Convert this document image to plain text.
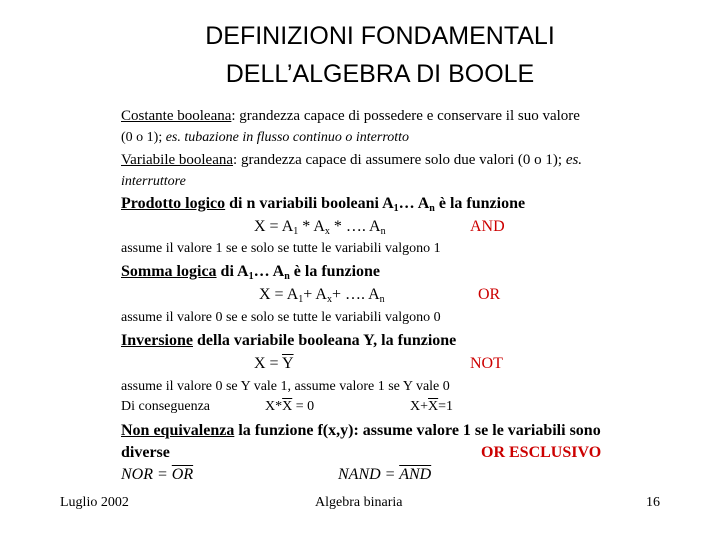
DEFINIZIONI FONDAMENTALI
DELL’ALGEBRA DI BOOLE
Costante booleana: grandezza capace di possedere e conservare il suo valore
(0 o 1); es. tubazione in flusso continuo o interrotto
Variabile booleana: grandezza capace di assumere solo due valori (0 o 1); es.
interruttore
Prodotto logico di n variabili booleani $A_1\dots$ $A_n$ è la funzione
$X = A_1 * A_x$ * …. $A_n$	AND
assume il valore 1 se e solo se tutte le variabili valgono 1
Somma logica di $A_1\dots$ $A_n$ è la funzione
$X = A_1+ A_x+$ …. $A_n$	OR
assume il valore 0 se e solo se tutte le variabili valgono 0
Inversione della variabile booleana Y, la funzione
$X = \overline{Y}$	NOT
assume il valore 0 se Y vale 1, assume valore 1 se Y vale 0
Di conseguenza	$X*\overline{X} = 0$	$X+\overline{X}=1$
Non equivalenza la funzione f(x,y): assume valore 1 se le variabili sono
diverse	OR ESCLUSIVO
NOR = $\overline{OR}$	NAND = $\overline{AND}$
Luglio 2002	Algebra binaria	16
